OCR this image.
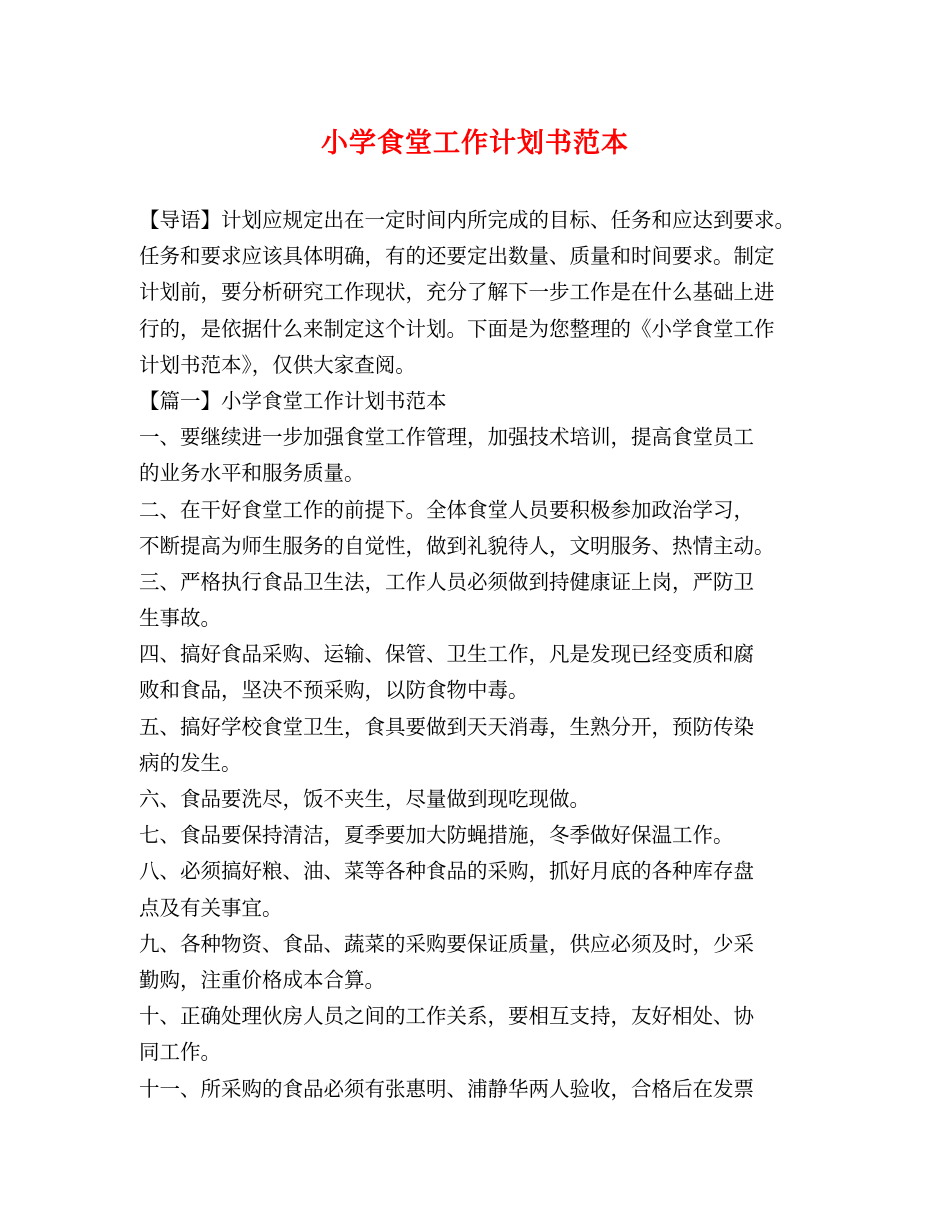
小学食堂工作计划书范本
【导语】计划应规定出在一定时间内所完成的目标、任务和应达到要求。
任务和要求应该具体明确，有的还要定出数量、质量和时间要求。制定
计划前，要分析研究工作现状，充分了解下一步工作是在什么基础上进
行的，是依据什么来制定这个计划。下面是为您整理的《小学食堂工作
计划书范本》，仅供大家查阅。
【篇一】小学食堂工作计划书范本
一、要继续进一步加强食堂工作管理，加强技术培训，提高食堂员工
的业务水平和服务质量。
二、在干好食堂工作的前提下。全体食堂人员要积极参加政治学习，
不断提高为师生服务的自觉性，做到礼貌待人，文明服务、热情主动。
三、严格执行食品卫生法，工作人员必须做到持健康证上岗，严防卫
生事故。
四、搞好食品采购、运输、保管、卫生工作，凡是发现已经变质和腐
败和食品，坚决不预采购，以防食物中毒。
五、搞好学校食堂卫生，食具要做到天天消毒，生熟分开，预防传染
病的发生。
六、食品要洗尽，饭不夹生，尽量做到现吃现做。
七、食品要保持清洁，夏季要加大防蝇措施，冬季做好保温工作。
八、必须搞好粮、油、菜等各种食品的采购，抓好月底的各种库存盘
点及有关事宜。
九、各种物资、食品、蔬菜的采购要保证质量，供应必须及时，少采
勤购，注重价格成本合算。
十、正确处理伙房人员之间的工作关系，要相互支持，友好相处、协
同工作。
十一、所采购的食品必须有张惠明、浦静华两人验收，合格后在发票
